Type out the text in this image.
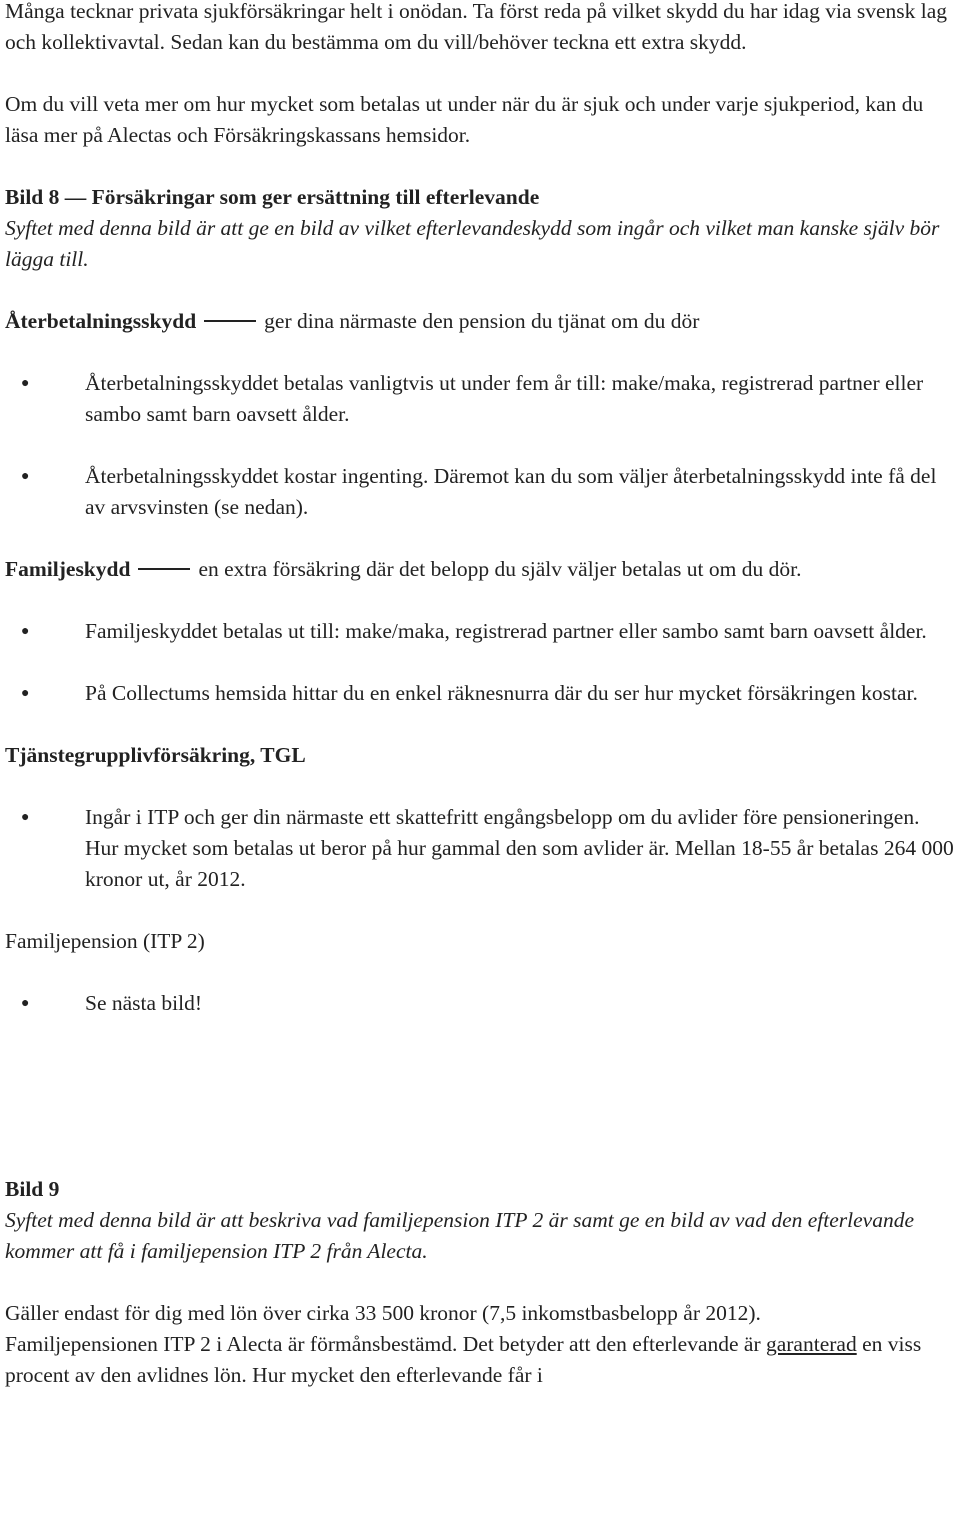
Många tecknar privata sjukförsäkringar helt i onödan. Ta först reda på vilket skydd du har idag via svensk lag och kollektivavtal. Sedan kan du bestämma om du vill/behöver teckna ett extra skydd.

Om du vill veta mer om hur mycket som betalas ut under när du är sjuk och under varje sjukperiod, kan du läsa mer på Alectas och Försäkringskassans hemsidor.

Bild 8 — Försäkringar som ger ersättning till efterlevande

Syftet med denna bild är att ge en bild av vilket efterlevandeskydd som ingår och vilket man kanske själv bör lägga till.

Återbetalningsskydd	ger dina närmaste den pension du tjänat om du dör

●	Återbetalningsskyddet betalas vanligtvis ut under fem år till: make/maka, registrerad partner eller sambo samt barn oavsett ålder.
●	Återbetalningsskyddet kostar ingenting. Däremot kan du som väljer återbetalningsskydd inte få del av arvsvinsten (se nedan).

Familjeskydd	en extra försäkring där det belopp du själv väljer betalas ut om du dör.

●	Familjeskyddet betalas ut till: make/maka, registrerad partner eller sambo samt barn oavsett ålder.
●	På Collectums hemsida hittar du en enkel räknesnurra där du ser hur mycket försäkringen kostar.

Tjänstegrupplivförsäkring, TGL

●	Ingår i ITP och ger din närmaste ett skattefritt engångsbelopp om du avlider före pensioneringen. Hur mycket som betalas ut beror på hur gammal den som avlider är. Mellan 18-55 år betalas 264 000 kronor ut, år 2012.

Familjepension (ITP 2)

●	Se nästa bild!

Bild 9

Syftet med denna bild är att beskriva vad familjepension ITP 2 är samt ge en bild av vad den efterlevande kommer att få i familjepension ITP 2 från Alecta.

Gäller endast för dig med lön över cirka 33 500 kronor (7,5 inkomstbasbelopp år 2012).

Familjepensionen ITP 2 i Alecta är förmånsbestämd. Det betyder att den efterlevande är garanterad en viss procent av den avlidnes lön. Hur mycket den efterlevande får i
